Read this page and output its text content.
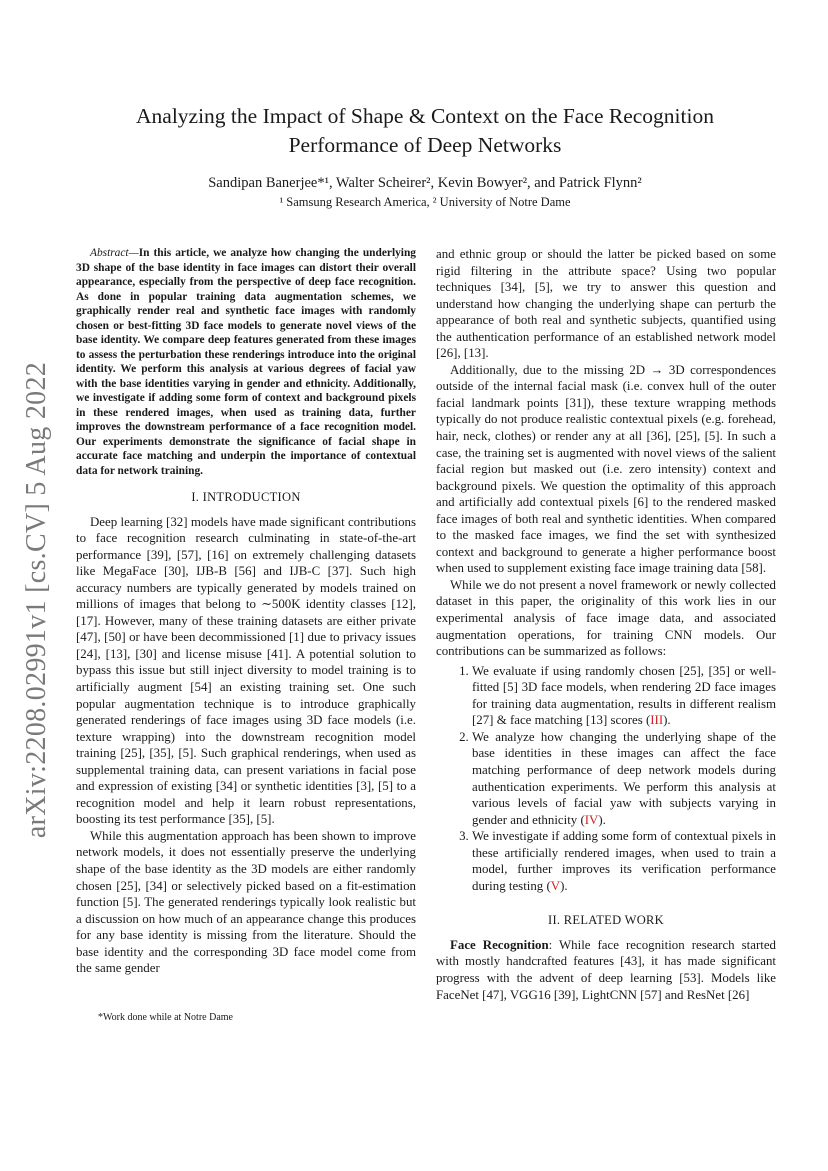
arXiv:2208.02991v1 [cs.CV] 5 Aug 2022
Analyzing the Impact of Shape & Context on the Face Recognition
Performance of Deep Networks
Sandipan Banerjee*¹, Walter Scheirer², Kevin Bowyer², and Patrick Flynn²
¹ Samsung Research America, ² University of Notre Dame

Abstract—In this article, we analyze how changing the underlying 3D shape of the base identity in face images can distort their overall appearance, especially from the perspective of deep face recognition. As done in popular training data augmentation schemes, we graphically render real and synthetic face images with randomly chosen or best-fitting 3D face models to generate novel views of the base identity. We compare deep features generated from these images to assess the perturbation these renderings introduce into the original identity. We perform this analysis at various degrees of facial yaw with the base identities varying in gender and ethnicity. Additionally, we investigate if adding some form of context and background pixels in these rendered images, when used as training data, further improves the downstream performance of a face recognition model. Our experiments demonstrate the significance of facial shape in accurate face matching and underpin the importance of contextual data for network training.

I. INTRODUCTION

Deep learning [32] models have made significant contributions to face recognition research culminating in state-of-the-art performance [39], [57], [16] on extremely challenging datasets like MegaFace [30], IJB-B [56] and IJB-C [37]. Such high accuracy numbers are typically generated by models trained on millions of images that belong to ∼500K identity classes [12], [17]. However, many of these training datasets are either private [47], [50] or have been decommissioned [1] due to privacy issues [24], [13], [30] and license misuse [41]. A potential solution to bypass this issue but still inject diversity to model training is to artificially augment [54] an existing training set. One such popular augmentation technique is to introduce graphically generated renderings of face images using 3D face models (i.e. texture wrapping) into the downstream recognition model training [25], [35], [5]. Such graphical renderings, when used as supplemental training data, can present variations in facial pose and expression of existing [34] or synthetic identities [3], [5] to a recognition model and help it learn robust representations, boosting its test performance [35], [5].

While this augmentation approach has been shown to improve network models, it does not essentially preserve the underlying shape of the base identity as the 3D models are either randomly chosen [25], [34] or selectively picked based on a fit-estimation function [5]. The generated renderings typically look realistic but a discussion on how much of an appearance change this produces for any base identity is missing from the literature. Should the base identity and the corresponding 3D face model come from the same gender

and ethnic group or should the latter be picked based on some rigid filtering in the attribute space? Using two popular techniques [34], [5], we try to answer this question and understand how changing the underlying shape can perturb the appearance of both real and synthetic subjects, quantified using the authentication performance of an established network model [26], [13].

Additionally, due to the missing 2D → 3D correspondences outside of the internal facial mask (i.e. convex hull of the outer facial landmark points [31]), these texture wrapping methods typically do not produce realistic contextual pixels (e.g. forehead, hair, neck, clothes) or render any at all [36], [25], [5]. In such a case, the training set is augmented with novel views of the salient facial region but masked out (i.e. zero intensity) context and background pixels. We question the optimality of this approach and artificially add contextual pixels [6] to the rendered masked face images of both real and synthetic identities. When compared to the masked face images, we find the set with synthesized context and background to generate a higher performance boost when used to supplement existing face image training data [58].

While we do not present a novel framework or newly collected dataset in this paper, the originality of this work lies in our experimental analysis of face image data, and associated augmentation operations, for training CNN models. Our contributions can be summarized as follows:

1. We evaluate if using randomly chosen [25], [35] or well-fitted [5] 3D face models, when rendering 2D face images for training data augmentation, results in different realism [27] & face matching [13] scores (III).
2. We analyze how changing the underlying shape of the base identities in these images can affect the face matching performance of deep network models during authentication experiments. We perform this analysis at various levels of facial yaw with subjects varying in gender and ethnicity (IV).
3. We investigate if adding some form of contextual pixels in these artificially rendered images, when used to train a model, further improves its verification performance during testing (V).
II. RELATED WORK

Face Recognition: While face recognition research started with mostly handcrafted features [43], it has made significant progress with the advent of deep learning [53]. Models like FaceNet [47], VGG16 [39], LightCNN [57] and ResNet [26]

*Work done while at Notre Dame
